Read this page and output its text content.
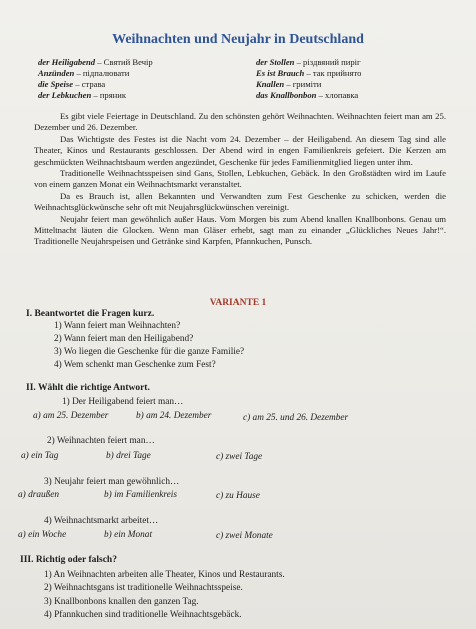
Weihnachten und Neujahr in Deutschland
der Heiligabend – Святий Вечір
Anzünden – підпалювати
die Speise – страва
der Lebkuchen – пряник
der Stollen – різдвяний пиріг
Es ist Brauch – так прийнято
Knallen – гриміти
das Knallbonbon – хлопавка

Es gibt viele Feiertage in Deutschland. Zu den schönsten gehört Weihnachten. Weihnachten feiert man am 25. Dezember und 26. Dezember.

Das Wichtigste des Festes ist die Nacht vom 24. Dezember – der Heiligabend. An diesem Tag sind alle Theater, Kinos und Restaurants geschlossen. Der Abend wird in engen Familienkreis gefeiert. Die Kerzen am geschmückten Weihnachtsbaum werden angezündet, Geschenke für jedes Familienmitglied liegen unter ihm.

Traditionelle Weihnachtsspeisen sind Gans, Stollen, Lebkuchen, Gebäck. In den Großstädten wird im Laufe von einem ganzen Monat ein Weihnachtsmarkt veranstaltet.

Da es Brauch ist, allen Bekannten und Verwandten zum Fest Geschenke zu schicken, werden die Weihnachtsglückwünsche sehr oft mit Neujahrsglückwünschen vereinigt.

Neujahr feiert man gewöhnlich außer Haus. Vom Morgen bis zum Abend knallen Knallbonbons. Genau um Mitteltnacht läuten die Glocken. Wenn man Gläser erhebt, sagt man zu einander „Glückliches Neues Jahr!“. Traditionelle Neujahrspeisen und Getränke sind Karpfen, Pfannkuchen, Punsch.

VARIANTE 1
I. Beantwortet die Fragen kurz.
1) Wann feiert man Weihnachten?
2) Wann feiert man den Heiligabend?
3) Wo liegen die Geschenke für die ganze Familie?
4) Wem schenkt man Geschenke zum Fest?
II. Wählt die richtige Antwort.
1) Der Heiligabend feiert man…
a) am 25. Dezember	b) am 24. Dezember	c) am 25. und 26. Dezember
2) Weihnachten feiert man…
a) ein Tag	b) drei Tage	c) zwei Tage
3) Neujahr feiert man gewöhnlich…
a) draußen	b) im Familienkreis	c) zu Hause
4) Weihnachtsmarkt arbeitet…
a) ein Woche	b) ein Monat	c) zwei Monate
III. Richtig oder falsch?
1) An Weihnachten arbeiten alle Theater, Kinos und Restaurants.
2) Weihnachtsgans ist traditionelle Weihnachtsspeise.
3) Knallbonbons knallen den ganzen Tag.
4) Pfannkuchen sind traditionelle Weihnachtsgebäck.
